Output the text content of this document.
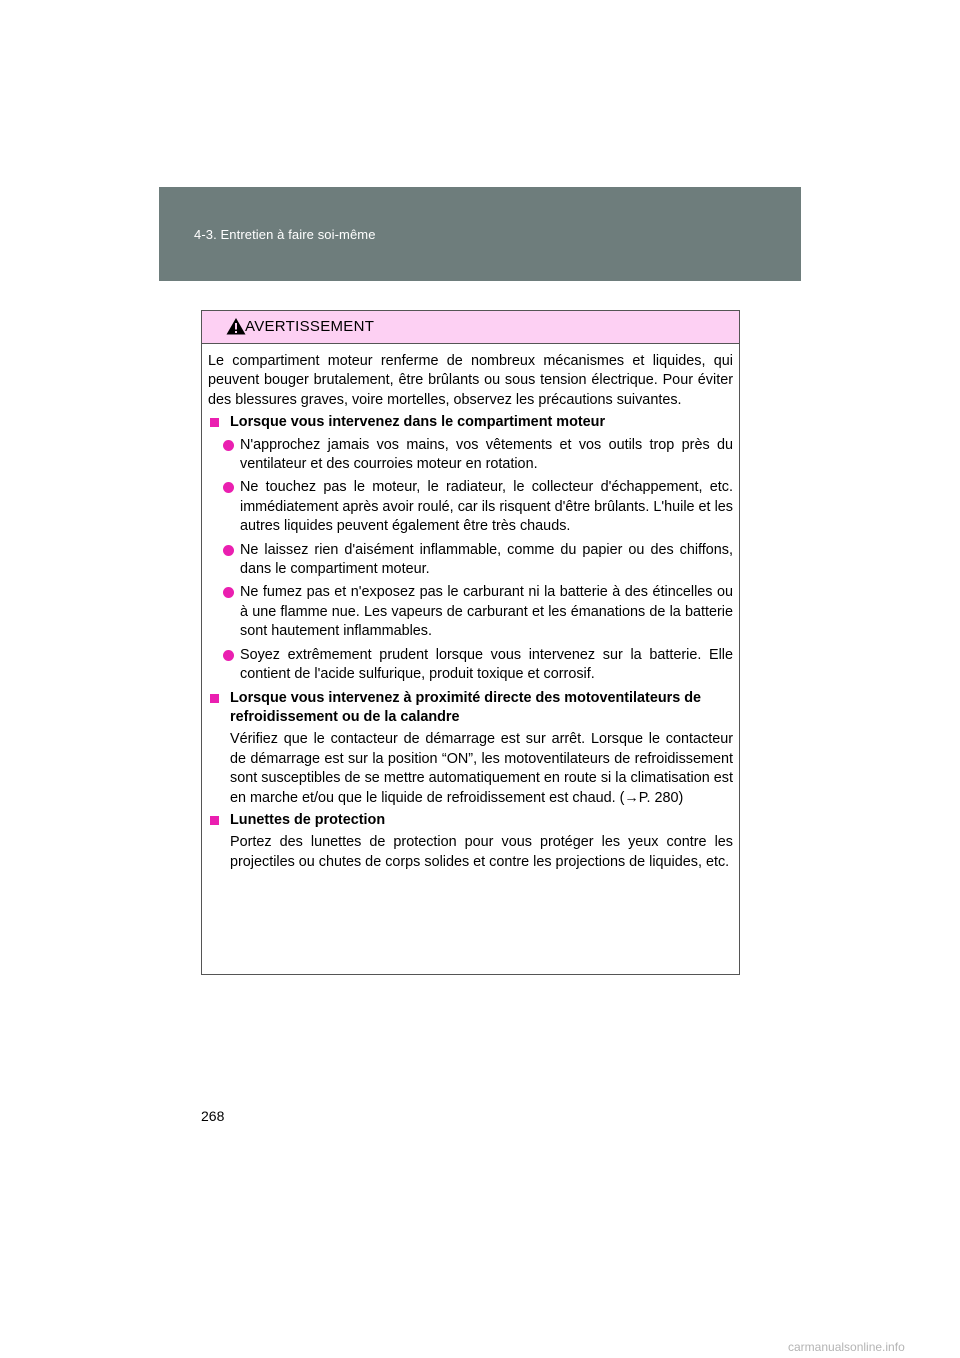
4-3. Entretien à faire soi-même
AVERTISSEMENT

Le compartiment moteur renferme de nombreux mécanismes et liquides, qui peuvent bouger brutalement, être brûlants ou sous tension électrique. Pour éviter des blessures graves, voire mortelles, observez les précautions suivantes.

Lorsque vous intervenez dans le compartiment moteur
N'approchez jamais vos mains, vos vêtements et vos outils trop près du ventilateur et des courroies moteur en rotation.
Ne touchez pas le moteur, le radiateur, le collecteur d'échappement, etc. immédiatement après avoir roulé, car ils risquent d'être brûlants. L'huile et les autres liquides peuvent également être très chauds.
Ne laissez rien d'aisément inflammable, comme du papier ou des chiffons, dans le compartiment moteur.
Ne fumez pas et n'exposez pas le carburant ni la batterie à des étincelles ou à une flamme nue. Les vapeurs de carburant et les émanations de la batterie sont hautement inflammables.
Soyez extrêmement prudent lorsque vous intervenez sur la batterie. Elle contient de l'acide sulfurique, produit toxique et corrosif.
Lorsque vous intervenez à proximité directe des motoventilateurs de refroidissement ou de la calandre

Vérifiez que le contacteur de démarrage est sur arrêt. Lorsque le contacteur de démarrage est sur la position “ON”, les motoventilateurs de refroidissement sont susceptibles de se mettre automatiquement en route si la climatisation est en marche et/ou que le liquide de refroidissement est chaud. (→P. 280)

Lunettes de protection

Portez des lunettes de protection pour vous protéger les yeux contre les projectiles ou chutes de corps solides et contre les projections de liquides, etc.

268
carmanualsonline.info
